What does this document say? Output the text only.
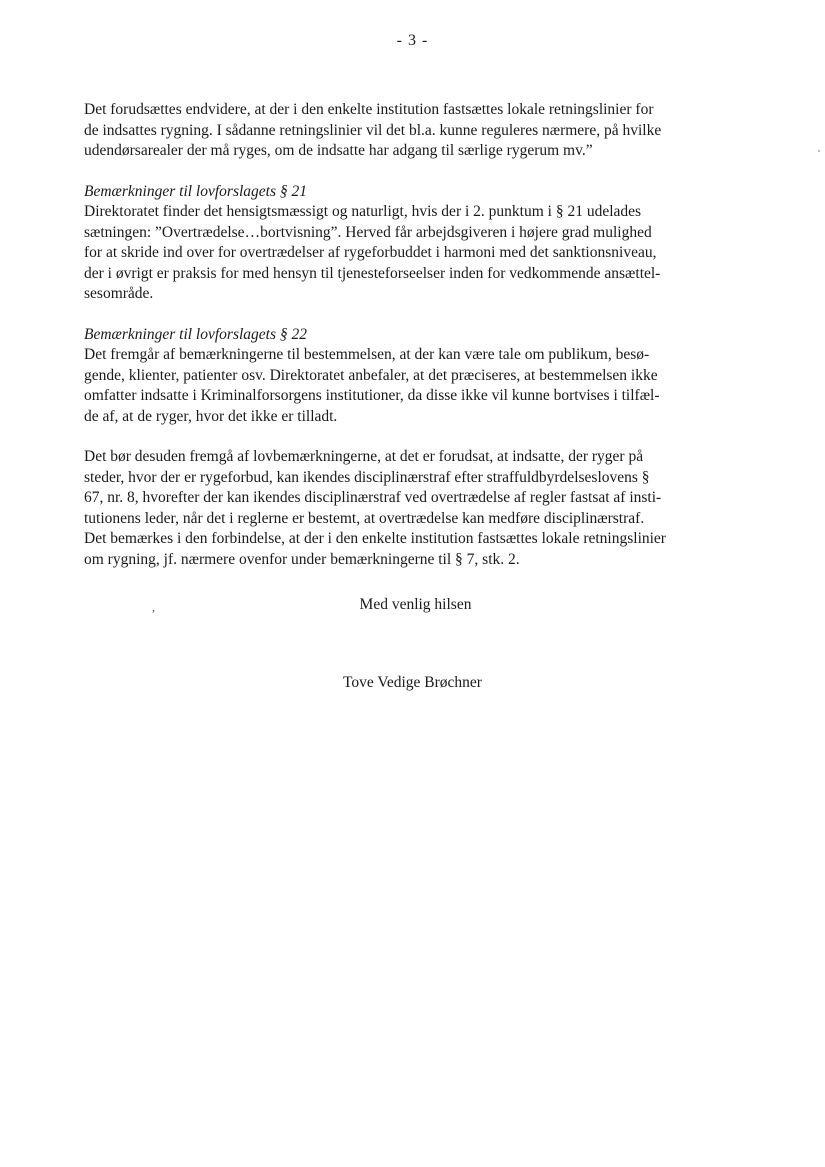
- 3 -

Det forudsættes endvidere, at der i den enkelte institution fastsættes lokale retningslinier for
de indsattes rygning. I sådanne retningslinier vil det bl.a. kunne reguleres nærmere, på hvilke
udendørsarealer der må ryges, om de indsatte har adgang til særlige rygerum mv.”

Bemærkninger til lovforslagets § 21
Direktoratet finder det hensigtsmæssigt og naturligt, hvis der i 2. punktum i § 21 udelades
sætningen: ”Overtrædelse…bortvisning”. Herved får arbejdsgiveren i højere grad mulighed
for at skride ind over for overtrædelser af rygeforbuddet i harmoni med det sanktionsniveau,
der i øvrigt er praksis for med hensyn til tjenesteforseelser inden for vedkommende ansættel-
sesområde.

Bemærkninger til lovforslagets § 22
Det fremgår af bemærkningerne til bestemmelsen, at der kan være tale om publikum, besø-
gende, klienter, patienter osv. Direktoratet anbefaler, at det præciseres, at bestemmelsen ikke
omfatter indsatte i Kriminalforsorgens institutioner, da disse ikke vil kunne bortvises i tilfæl-
de af, at de ryger, hvor det ikke er tilladt.

Det bør desuden fremgå af lovbemærkningerne, at det er forudsat, at indsatte, der ryger på
steder, hvor der er rygeforbud, kan ikendes disciplinærstraf efter straffuldbyrdelseslovens §
67, nr. 8, hvorefter der kan ikendes disciplinærstraf ved overtrædelse af regler fastsat af insti-
tutionens leder, når det i reglerne er bestemt, at overtrædelse kan medføre disciplinærstraf.
Det bemærkes i den forbindelse, at der i den enkelte institution fastsættes lokale retningslinier
om rygning, jf. nærmere ovenfor under bemærkningerne til § 7, stk. 2.

,	Med venlig hilsen
Tove Vedige Brøchner
